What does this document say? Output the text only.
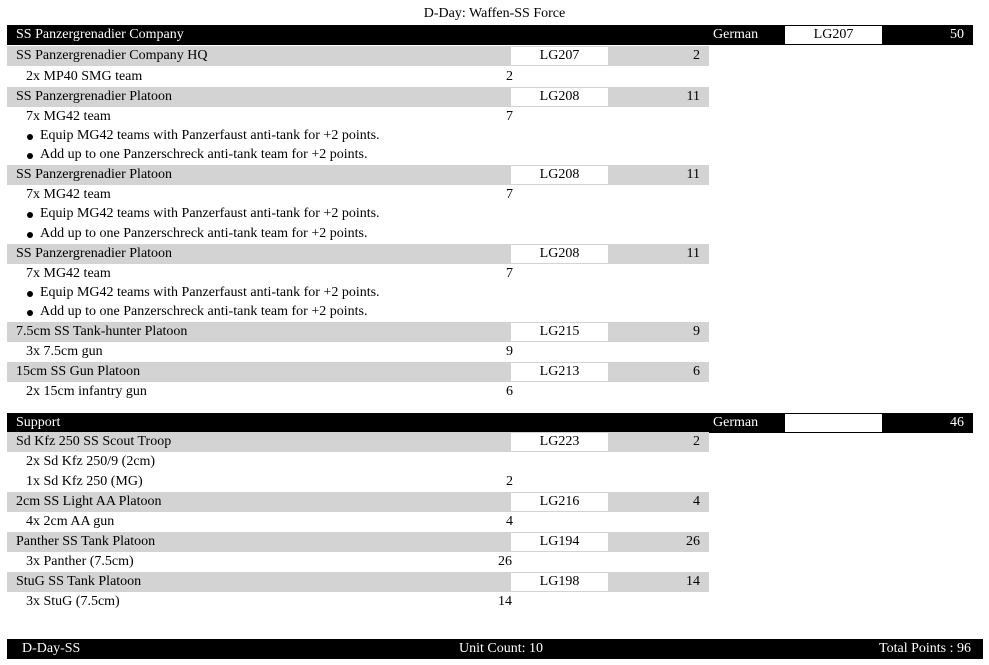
D-Day: Waffen-SS Force
SS Panzergrenadier Company	German	LG207	50
SS Panzergrenadier Company HQ	LG207	2
2x MP40 SMG team	2
SS Panzergrenadier Platoon	LG208	11
7x MG42 team	7
Equip MG42 teams with Panzerfaust anti-tank for +2 points.
Add up to one Panzerschreck anti-tank team for +2 points.
SS Panzergrenadier Platoon	LG208	11
7x MG42 team	7
Equip MG42 teams with Panzerfaust anti-tank for +2 points.
Add up to one Panzerschreck anti-tank team for +2 points.
SS Panzergrenadier Platoon	LG208	11
7x MG42 team	7
Equip MG42 teams with Panzerfaust anti-tank for +2 points.
Add up to one Panzerschreck anti-tank team for +2 points.
7.5cm SS Tank-hunter Platoon	LG215	9
3x 7.5cm gun	9
15cm SS Gun Platoon	LG213	6
2x 15cm infantry gun	6
Support	German	46
Sd Kfz 250 SS Scout Troop	LG223	2
2x Sd Kfz 250/9 (2cm)
1x Sd Kfz 250 (MG)	2
2cm SS Light AA Platoon	LG216	4
4x 2cm AA gun	4
Panther SS Tank Platoon	LG194	26
3x Panther (7.5cm)	26
StuG SS Tank Platoon	LG198	14
3x StuG (7.5cm)	14
D-Day-SS	Unit Count: 10	Total Points : 96
